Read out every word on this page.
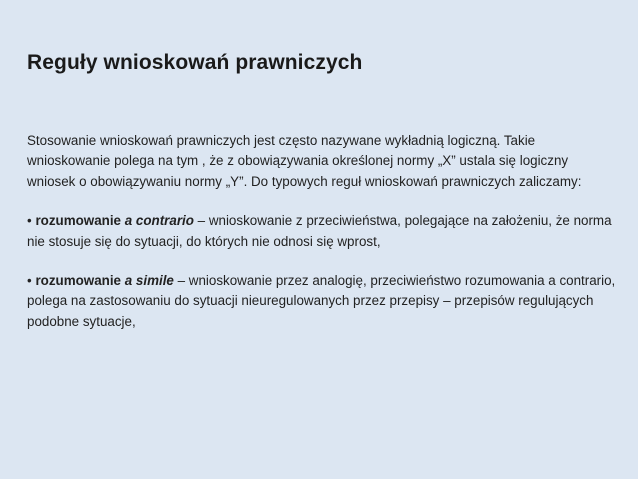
Reguły wnioskowań prawniczych

Stosowanie wnioskowań prawniczych jest często nazywane wykładnią logiczną. Takie wnioskowanie polega na tym , że z obowiązywania określonej normy „X” ustala się logiczny wniosek o obowiązywaniu normy „Y”. Do typowych reguł wnioskowań prawniczych zaliczamy:

• rozumowanie a contrario – wnioskowanie z przeciwieństwa, polegające na założeniu, że norma nie stosuje się do sytuacji, do których nie odnosi się wprost,

• rozumowanie a simile – wnioskowanie przez analogię, przeciwieństwo rozumowania a contrario, polega na zastosowaniu do sytuacji nieuregulowanych przez przepisy – przepisów regulujących podobne sytuacje,
